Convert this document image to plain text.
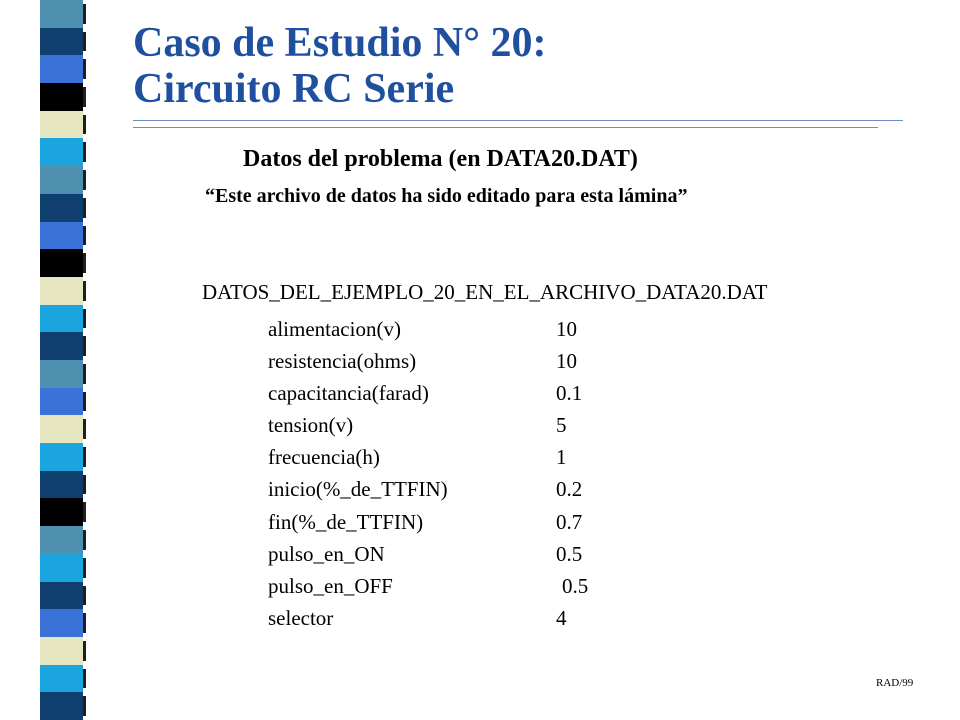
Caso de Estudio N° 20:
Circuito RC Serie
Datos del problema (en DATA20.DAT)

“Este archivo de datos ha sido editado para esta lámina”

DATOS_DEL_EJEMPLO_20_EN_EL_ARCHIVO_DATA20.DAT
alimentacion(v)	10
resistencia(ohms)	10
capacitancia(farad)	0.1
tension(v)	5
frecuencia(h)	1
inicio(%_de_TTFIN)	0.2
fin(%_de_TTFIN)	0.7
pulso_en_ON	0.5
pulso_en_OFF	0.5
selector	4
RAD/99
